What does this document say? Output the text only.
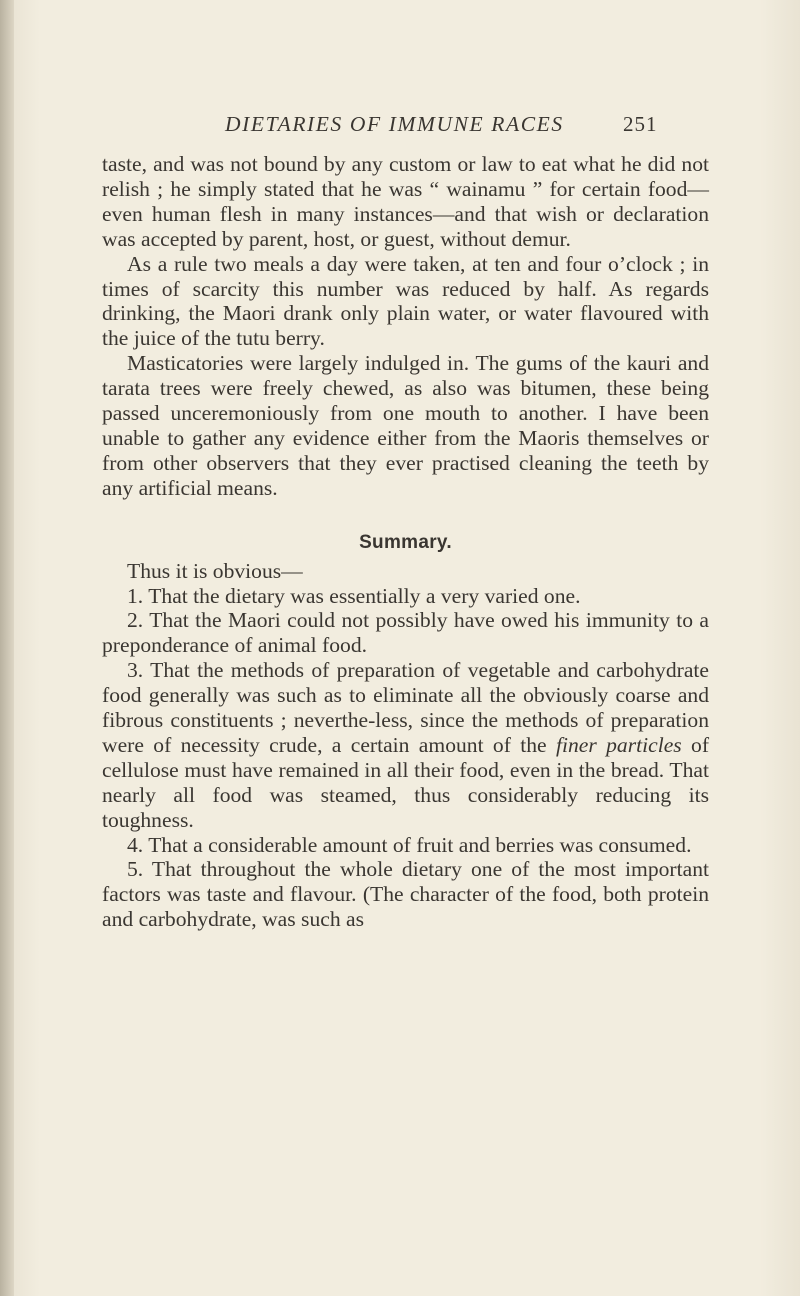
DIETARIES OF IMMUNE RACES	251

taste, and was not bound by any custom or law to eat what he did not relish ; he simply stated that he was “ wainamu ” for certain food—even human flesh in many instances—and that wish or declaration was accepted by parent, host, or guest, without demur.

As a rule two meals a day were taken, at ten and four o’clock ; in times of scarcity this number was reduced by half. As regards drinking, the Maori drank only plain water, or water flavoured with the juice of the tutu berry.

Masticatories were largely indulged in. The gums of the kauri and tarata trees were freely chewed, as also was bitumen, these being passed unceremoniously from one mouth to another. I have been unable to gather any evidence either from the Maoris themselves or from other observers that they ever practised cleaning the teeth by any artificial means.

Summary.

Thus it is obvious—

1. That the dietary was essentially a very varied one.

2. That the Maori could not possibly have owed his immunity to a preponderance of animal food.

3. That the methods of preparation of vegetable and carbohydrate food generally was such as to eliminate all the obviously coarse and fibrous constituents ; neverthe-less, since the methods of preparation were of necessity crude, a certain amount of the finer particles of cellulose must have remained in all their food, even in the bread. That nearly all food was steamed, thus considerably reducing its toughness.

4. That a considerable amount of fruit and berries was consumed.

5. That throughout the whole dietary one of the most important factors was taste and flavour. (The character of the food, both protein and carbohydrate, was such as
